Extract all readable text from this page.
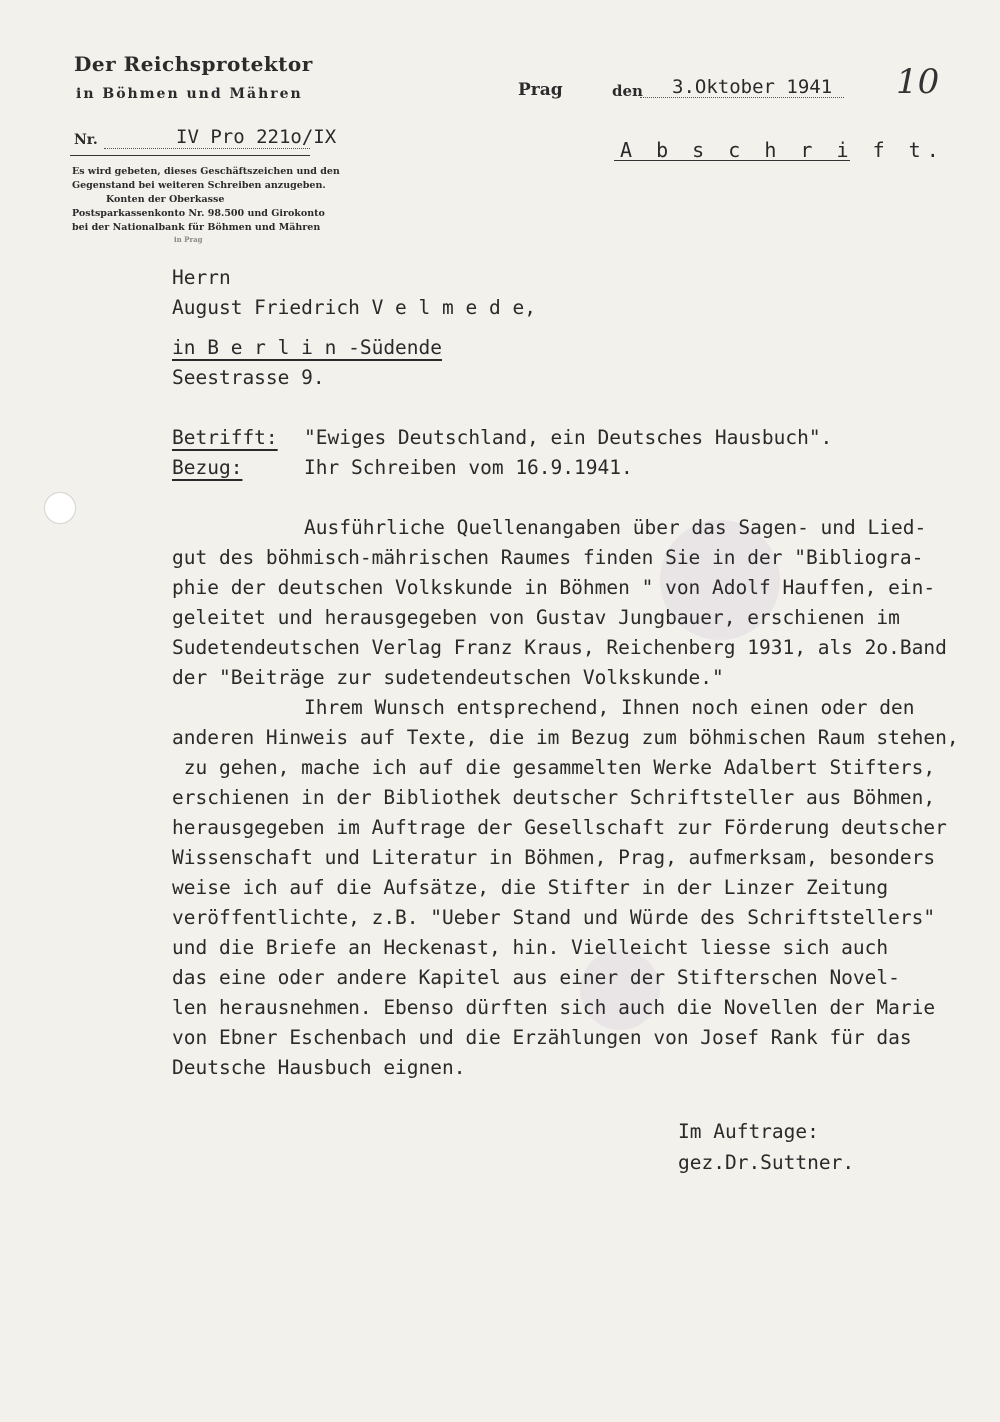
Der Reichsprotektor
in Böhmen und Mähren
Nr.	IV Pro 221o/IX
Es wird gebeten, dieses Geschäftszeichen und den
Gegenstand bei weiteren Schreiben anzugeben.
Konten der Oberkasse
Postsparkassenkonto Nr. 98.500 und Girokonto
bei der Nationalbank für Böhmen und Mähren
in Prag
Prag	den 3.Oktober 1941 10
A b s c h r i f t.
Herrn
August Friedrich V e l m e d e,
in B e r l i n -Südende
Seestrasse 9.
Betrifft: "Ewiges Deutschland, ein Deutsches Hausbuch".
Bezug:	Ihr Schreiben vom 16.9.1941.
Ausführliche Quellenangaben über das Sagen- und Lied-
gut des böhmisch-mährischen Raumes finden Sie in der "Bibliogra-
phie der deutschen Volkskunde in Böhmen " von Adolf Hauffen, ein-
geleitet und herausgegeben von Gustav Jungbauer, erschienen im
Sudetendeutschen Verlag Franz Kraus, Reichenberg 1931, als 2o.Band
der "Beiträge zur sudetendeutschen Volkskunde."
Ihrem Wunsch entsprechend, Ihnen noch einen oder den
anderen Hinweis auf Texte, die im Bezug zum böhmischen Raum stehen,
zu gehen, mache ich auf die gesammelten Werke Adalbert Stifters,
erschienen in der Bibliothek deutscher Schriftsteller aus Böhmen,
herausgegeben im Auftrage der Gesellschaft zur Förderung deutscher
Wissenschaft und Literatur in Böhmen, Prag, aufmerksam, besonders
weise ich auf die Aufsätze, die Stifter in der Linzer Zeitung
veröffentlichte, z.B. "Ueber Stand und Würde des Schriftstellers"
und die Briefe an Heckenast, hin. Vielleicht liesse sich auch
das eine oder andere Kapitel aus einer der Stifterschen Novel-
len herausnehmen. Ebenso dürften sich auch die Novellen der Marie
von Ebner Eschenbach und die Erzählungen von Josef Rank für das
Deutsche Hausbuch eignen.
Im Auftrage:
gez.Dr.Suttner.
